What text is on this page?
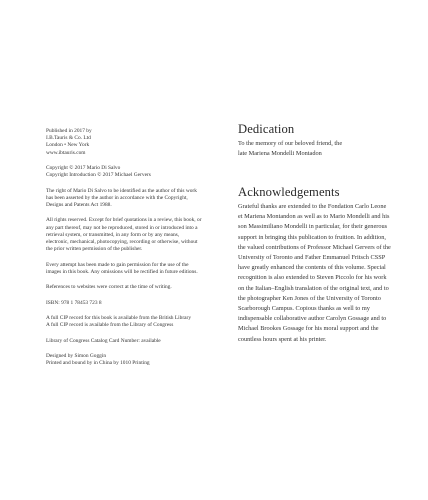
Published in 2017 by
I.B.Tauris & Co. Ltd
London • New York
www.ibtauris.com

Copyright © 2017 Mario Di Salvo
Copyright Introduction © 2017 Michael Gervers

The right of Mario Di Salvo to be identified as the author of this work
has been asserted by the author in accordance with the Copyright,
Designs and Patents Act 1988.

All rights reserved. Except for brief quotations in a review, this book, or
any part thereof, may not be reproduced, stored in or introduced into a
retrieval system, or transmitted, in any form or by any means,
electronic, mechanical, photocopying, recording or otherwise, without
the prior written permission of the publisher.

Every attempt has been made to gain permission for the use of the
images in this book. Any omissions will be rectified in future editions.

References to websites were correct at the time of writing.

ISBN: 978 1 78453 723 8

A full CIP record for this book is available from the British Library
A full CIP record is available from the Library of Congress

Library of Congress Catalog Card Number: available

Designed by Simon Goggin
Printed and bound by in China by 1010 Printing

Dedication

To the memory of our beloved friend, the
late Mariena Mondelli Montadon

Acknowledgements

Grateful thanks are extended to the Fondation Carlo Leone
et Mariena Montandon as well as to Mario Mondelli and his
son Massimiliano Mondelli in particular, for their generous
support in bringing this publication to fruition. In addition,
the valued contributions of Professor Michael Gervers of the
University of Toronto and Father Emmanuel Fritsch CSSP
have greatly enhanced the contents of this volume. Special
recognition is also extended to Steven Piccolo for his work
on the Italian–English translation of the original text, and to
the photographer Ken Jones of the University of Toronto
Scarborough Campus. Copious thanks as well to my
indispensable collaborative author Carolyn Gossage and to
Michael Brookes Gossage for his moral support and the
countless hours spent at his printer.
